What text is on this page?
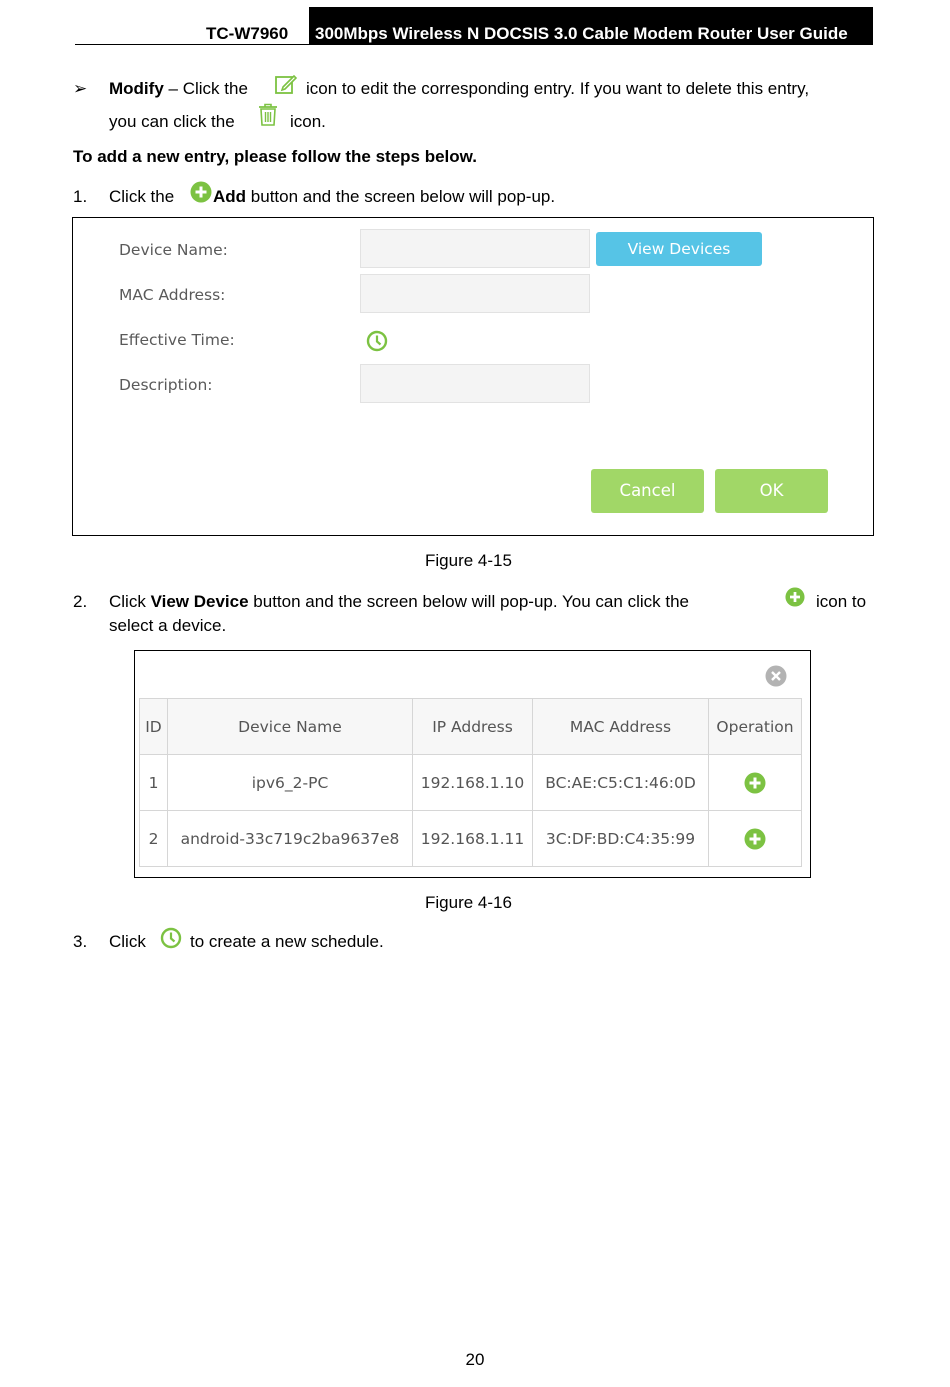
TC-W7960	300Mbps Wireless N DOCSIS 3.0 Cable Modem Router User Guide
➢ Modify – Click the	icon to edit the corresponding entry. If you want to delete this entry,
you can click the	icon.
To add a new entry, please follow the steps below.
1. Click the Add button and the screen below will pop-up.
Device Name:	View Devices
MAC Address:
Effective Time:
Description:
Cancel	OK
Figure 4-15
2. Click View Device button and the screen below will pop-up. You can click the	icon to
select a device.
ID	Device Name	IP Address	MAC Address	Operation
1	ipv6_2-PC	192.168.1.10	BC:AE:C5:C1:46:0D	
2	android-33c719c2ba9637e8	192.168.1.11	3C:DF:BD:C4:35:99	
Figure 4-16
3. Click	to create a new schedule.
20
